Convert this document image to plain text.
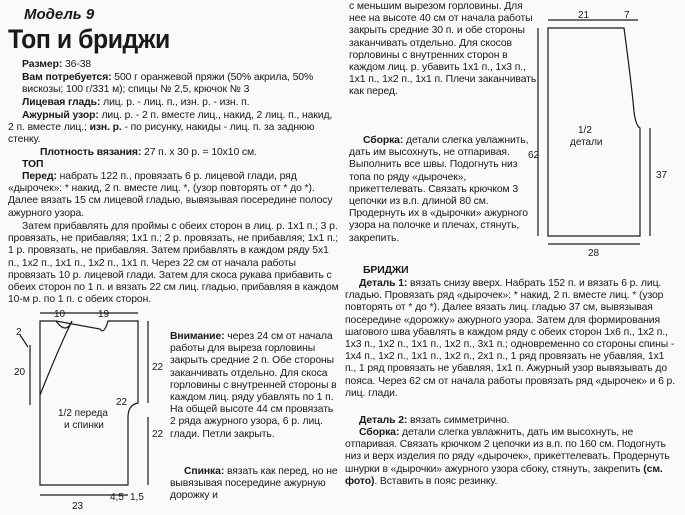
Модель 9
Топ и бриджи

Размер: 36-38

Вам потребуется: 500 г оранжевой пряжи (50% акрила, 50% вискозы; 100 г/331 м); спицы № 2,5, крючок № 3

Лицевая гладь: лиц. р. - лиц. п., изн. р. - изн. п.

Ажурный узор: лиц. р. - 2 п. вместе лиц., накид, 2 лиц. п., накид, 2 п. вместе лиц.; изн. р. - по рисунку, накиды - лиц. п. за заднюю стенку.

Плотность вязания: 27 п. x 30 р. = 10x10 см.

ТОП

Перед: набрать 122 п., провязать 6 р. лицевой глади, ряд «дырочек»: * накид, 2 п. вместе лиц. *, (узор повторять от * до *). Далее вязать 15 см лицевой гладью, вывязывая посередине полосу ажурного узора.

Затем прибавлять для проймы с обеих сторон в лиц. р. 1x1 п.; 3 р. провязать, не прибавляя; 1x1 п.; 2 р. провязать, не прибавляя; 1x1 п.; 1 р. провязать, не прибавляя. Затем прибавлять в каждом ряду 5x1 п., 1x2 п., 1x1 п., 1x2 п., 1x1 п. Через 22 см от начала работы провязать 10 р. лицевой глади. Затем для скоса рукава прибавить с обеих сторон по 1 п. и вязать 22 см лиц. гладью, прибавляя в каждом 10-м р. по 1 п. с обеих сторон.

Внимание: через 24 см от начала работы для выреза горловины закрыть средние 2 п. Обе стороны заканчивать отдельно. Для скоса горловины с внутренней стороны в каждом лиц. ряду убавлять по 1 п. На общей высоте 44 см провязать 2 ряда ажурного узора, 6 р. лиц. глади. Петли закрыть.

Спинка: вязать как перед, но не вывязывая посередине ажурную дорожку и

10	19
2
20	22
22
22
1/2 переда
и спинки
23
4,5 1,5

с меньшим вырезом горловины. Для нее на высоте 40 см от начала работы закрыть средние 30 п. и обе стороны заканчивать отдельно. Для скосов горловины с внутренних сторон в каждом лиц. р. убавить 1x1 п., 1x3 п., 1x1 п., 1x2 п., 1x1 п. Плечи заканчивать как перед.

Сборка: детали слегка увлажнить, дать им высохнуть, не отпаривая. Выполнить все швы. Подогнуть низ топа по ряду «дырочек», прикеттелевать. Связать крючком 3 цепочки из в.п. длиной 80 см. Продернуть их в «дырочки» ажурного узора на полочке и плечах, стянуть, закрепить.

БРИДЖИ

Деталь 1: вязать снизу вверх. Набрать 152 п. и вязать 6 р. лиц. гладью. Провязать ряд «дырочек»: * накид, 2 п. вместе лиц. * (узор повторять от * до *). Далее вязать лиц. гладью 37 см, вывязывая посередине «дорожку» ажурного узора. Затем для формирования шагового шва убавлять в каждом ряду с обеих сторон 1x6 п., 1x2 п., 1x3 п., 1x2 п., 1x1 п., 1x2 п., 3x1 п.; одновременно со стороны спины - 1x4 п., 1x2 п., 1x1 п., 1x2 п., 2x1 п., 1 ряд провязать не убавляя, 1x1 п., 1 ряд провязать не убавляя, 1x1 п. Ажурный узор вывязывать до пояса. Через 62 см от начала работы провязать ряд «дырочек» и 6 р. лиц. глади.

Деталь 2: вязать симметрично.

Сборка: детали слегка увлажнить, дать им высохнуть, не отпаривая. Связать крючком 2 цепочки из в.п. по 160 см. Подогнуть низ и верх изделия по ряду «дырочек», прикеттелевать. Продернуть шнурки в «дырочки» ажурного узора сбоку, стянуть, закрепить (см. фото). Вставить в пояс резинку.

21	7
62
37
1/2
детали
28
